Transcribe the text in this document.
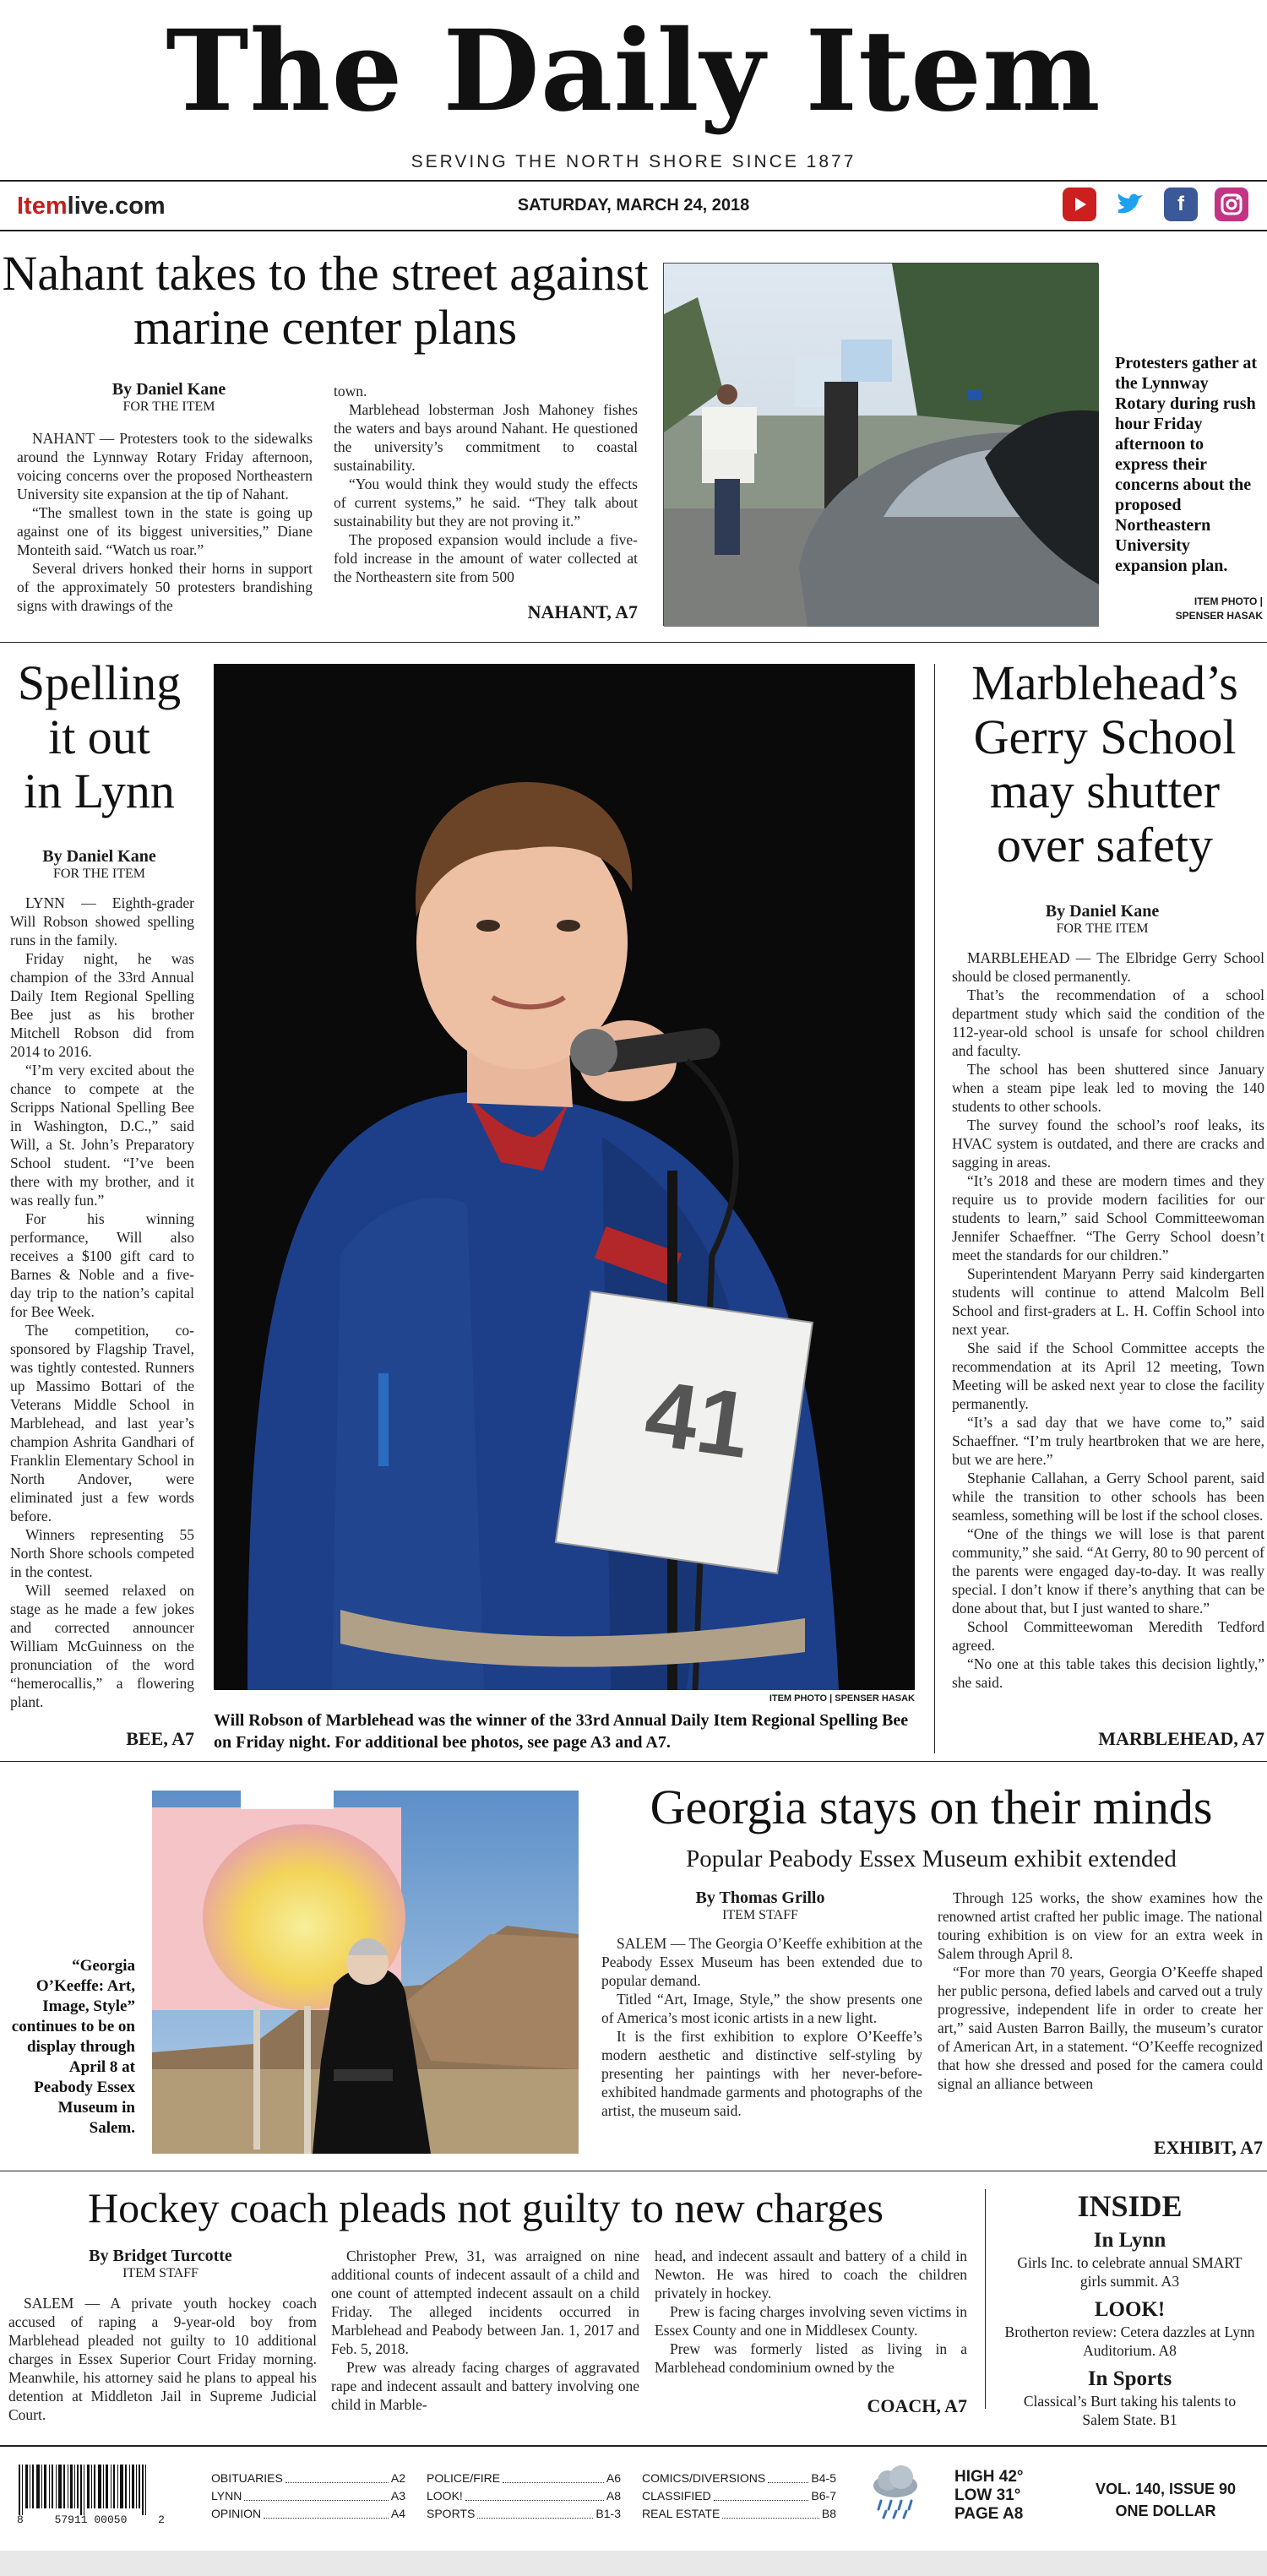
The Daily Item
SERVING THE NORTH SHORE SINCE 1877
Itemlive.com	SATURDAY, MARCH 24, 2018	f
Nahant takes to the street against marine center plans
By Daniel Kane
FOR THE ITEM

NAHANT — Protesters took to the sidewalks around the Lynnway Rotary Friday afternoon, voicing concerns over the proposed Northeastern University site expansion at the tip of Nahant.

“The smallest town in the state is going up against one of its biggest universities,” Diane Monteith said. “Watch us roar.”

Several drivers honked their horns in support of the approximately 50 protesters brandishing signs with drawings of the

town.

Marblehead lobsterman Josh Mahoney fishes the waters and bays around Nahant. He questioned the university’s commitment to coastal sustainability.

“You would think they would study the effects of current systems,” he said. “They talk about sustainability but they are not proving it.”

The proposed expansion would include a five-fold increase in the amount of water collected at the Northeastern site from 500

NAHANT, A7
Protesters gather at the Lynnway Rotary during rush hour Friday afternoon to express their concerns about the proposed Northeastern University expansion plan.
ITEM PHOTO |
SPENSER HASAK
Spelling
it out
in Lynn
By Daniel Kane
FOR THE ITEM

LYNN — Eighth-grader Will Robson showed spelling runs in the family.

Friday night, he was champion of the 33rd Annual Daily Item Regional Spelling Bee just as his brother Mitchell Robson did from 2014 to 2016.

“I’m very excited about the chance to compete at the Scripps National Spelling Bee in Washington, D.C.,” said Will, a St. John’s Preparatory School student. “I’ve been there with my brother, and it was really fun.”

For his winning performance, Will also receives a $100 gift card to Barnes & Noble and a five-day trip to the nation’s capital for Bee Week.

The competition, co-sponsored by Flagship Travel, was tightly contested. Runners up Massimo Bottari of the Veterans Middle School in Marblehead, and last year’s champion Ashrita Gandhari of Franklin Elementary School in North Andover, were eliminated just a few words before.

Winners representing 55 North Shore schools competed in the contest.

Will seemed relaxed on stage as he made a few jokes and corrected announcer William McGuinness on the pronunciation of the word “hemerocallis,” a flowering plant.

BEE, A7
41
ITEM PHOTO | SPENSER HASAK
Will Robson of Marblehead was the winner of the 33rd Annual Daily Item Regional Spelling Bee on Friday night. For additional bee photos, see page A3 and A7.
Marblehead’s
Gerry School
may shutter
over safety
By Daniel Kane
FOR THE ITEM

MARBLEHEAD — The Elbridge Gerry School should be closed permanently.

That’s the recommendation of a school department study which said the condition of the 112-year-old school is unsafe for school children and faculty.

The school has been shuttered since January when a steam pipe leak led to moving the 140 students to other schools.

The survey found the school’s roof leaks, its HVAC system is outdated, and there are cracks and sagging in areas.

“It’s 2018 and these are modern times and they require us to provide modern facilities for our students to learn,” said School Committeewoman Jennifer Schaeffner. “The Gerry School doesn’t meet the standards for our children.”

Superintendent Maryann Perry said kindergarten students will continue to attend Malcolm Bell School and first-graders at L. H. Coffin School into next year.

She said if the School Committee accepts the recommendation at its April 12 meeting, Town Meeting will be asked next year to close the facility permanently.

“It’s a sad day that we have come to,” said Schaeffner. “I’m truly heartbroken that we are here, but we are here.”

Stephanie Callahan, a Gerry School parent, said while the transition to other schools has been seamless, something will be lost if the school closes.

“One of the things we will lose is that parent community,” she said. “At Gerry, 80 to 90 percent of the parents were engaged day-to-day. It was really special. I don’t know if there’s anything that can be done about that, but I just wanted to share.”

School Committeewoman Meredith Tedford agreed.

“No one at this table takes this decision lightly,” she said.

MARBLEHEAD, A7
“Georgia O’Keeffe: Art, Image, Style” continues to be on display through April 8 at Peabody Essex Museum in Salem.
Georgia stays on their minds
Popular Peabody Essex Museum exhibit extended
By Thomas Grillo
ITEM STAFF

SALEM — The Georgia O’Keeffe exhibition at the Peabody Essex Museum has been extended due to popular demand.

Titled “Art, Image, Style,” the show presents one of America’s most iconic artists in a new light.

It is the first exhibition to explore O’Keeffe’s modern aesthetic and distinctive self-styling by presenting her paintings with her never-before-exhibited handmade garments and photographs of the artist, the museum said.

Through 125 works, the show examines how the renowned artist crafted her public image. The national touring exhibition is on view for an extra week in Salem through April 8.

“For more than 70 years, Georgia O’Keeffe shaped her public persona, defied labels and carved out a truly progressive, independent life in order to create her art,” said Austen Barron Bailly, the museum’s curator of American Art, in a statement. “O’Keeffe recognized that how she dressed and posed for the camera could signal an alliance between

EXHIBIT, A7
Hockey coach pleads not guilty to new charges
By Bridget Turcotte
ITEM STAFF

SALEM — A private youth hockey coach accused of raping a 9-year-old boy from Marblehead pleaded not guilty to 10 additional charges in Essex Superior Court Friday morning. Meanwhile, his attorney said he plans to appeal his detention at Middleton Jail in Supreme Judicial Court.

Christopher Prew, 31, was arraigned on nine additional counts of indecent assault of a child and one count of attempted indecent assault on a child Friday. The alleged incidents occurred in Marblehead and Peabody between Jan. 1, 2017 and Feb. 5, 2018.

Prew was already facing charges of aggravated rape and indecent assault and battery involving one child in Marble-

head, and indecent assault and battery of a child in Newton. He was hired to coach the children privately in hockey.

Prew is facing charges involving seven victims in Essex County and one in Middlesex County.

Prew was formerly listed as living in a Marblehead condominium owned by the

COACH, A7
INSIDE
In Lynn
Girls Inc. to celebrate annual SMART girls summit. A3
LOOK!
Brotherton review: Cetera dazzles at Lynn Auditorium. A8
In Sports
Classical’s Burt taking his talents to Salem State. B1
8	57911 00050	2
OBITUARIES	A2
LYNN	A3
OPINION	A4
POLICE/FIRE	A6
LOOK!	A8
SPORTS	B1-3
COMICS/DIVERSIONS	B4-5
CLASSIFIED	B6-7
REAL ESTATE	B8
HIGH 42°
LOW 31°
PAGE A8
VOL. 140, ISSUE 90
ONE DOLLAR
